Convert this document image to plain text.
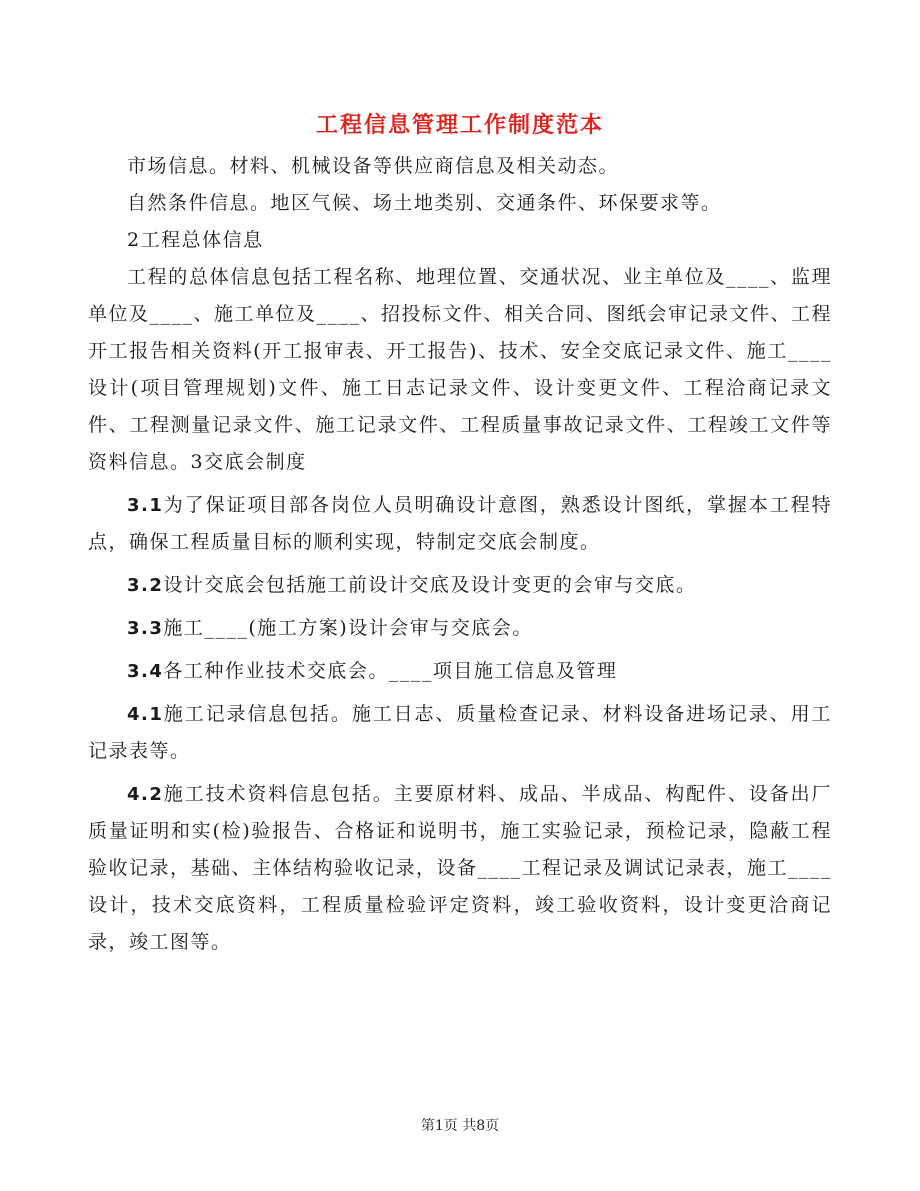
工程信息管理工作制度范本

市场信息。材料、机械设备等供应商信息及相关动态。

自然条件信息。地区气候、场土地类别、交通条件、环保要求等。

2工程总体信息

工程的总体信息包括工程名称、地理位置、交通状况、业主单位及____、监理单位及____、施工单位及____、招投标文件、相关合同、图纸会审记录文件、工程开工报告相关资料(开工报审表、开工报告)、技术、安全交底记录文件、施工____设计(项目管理规划)文件、施工日志记录文件、设计变更文件、工程洽商记录文件、工程测量记录文件、施工记录文件、工程质量事故记录文件、工程竣工文件等资料信息。3交底会制度

3.1为了保证项目部各岗位人员明确设计意图，熟悉设计图纸，掌握本工程特点，确保工程质量目标的顺利实现，特制定交底会制度。

3.2设计交底会包括施工前设计交底及设计变更的会审与交底。

3.3施工____(施工方案)设计会审与交底会。

3.4各工种作业技术交底会。____项目施工信息及管理

4.1施工记录信息包括。施工日志、质量检查记录、材料设备进场记录、用工记录表等。

4.2施工技术资料信息包括。主要原材料、成品、半成品、构配件、设备出厂质量证明和实(检)验报告、合格证和说明书，施工实验记录，预检记录，隐蔽工程验收记录，基础、主体结构验收记录，设备____工程记录及调试记录表，施工____设计，技术交底资料，工程质量检验评定资料，竣工验收资料，设计变更洽商记录，竣工图等。

第1页 共8页
